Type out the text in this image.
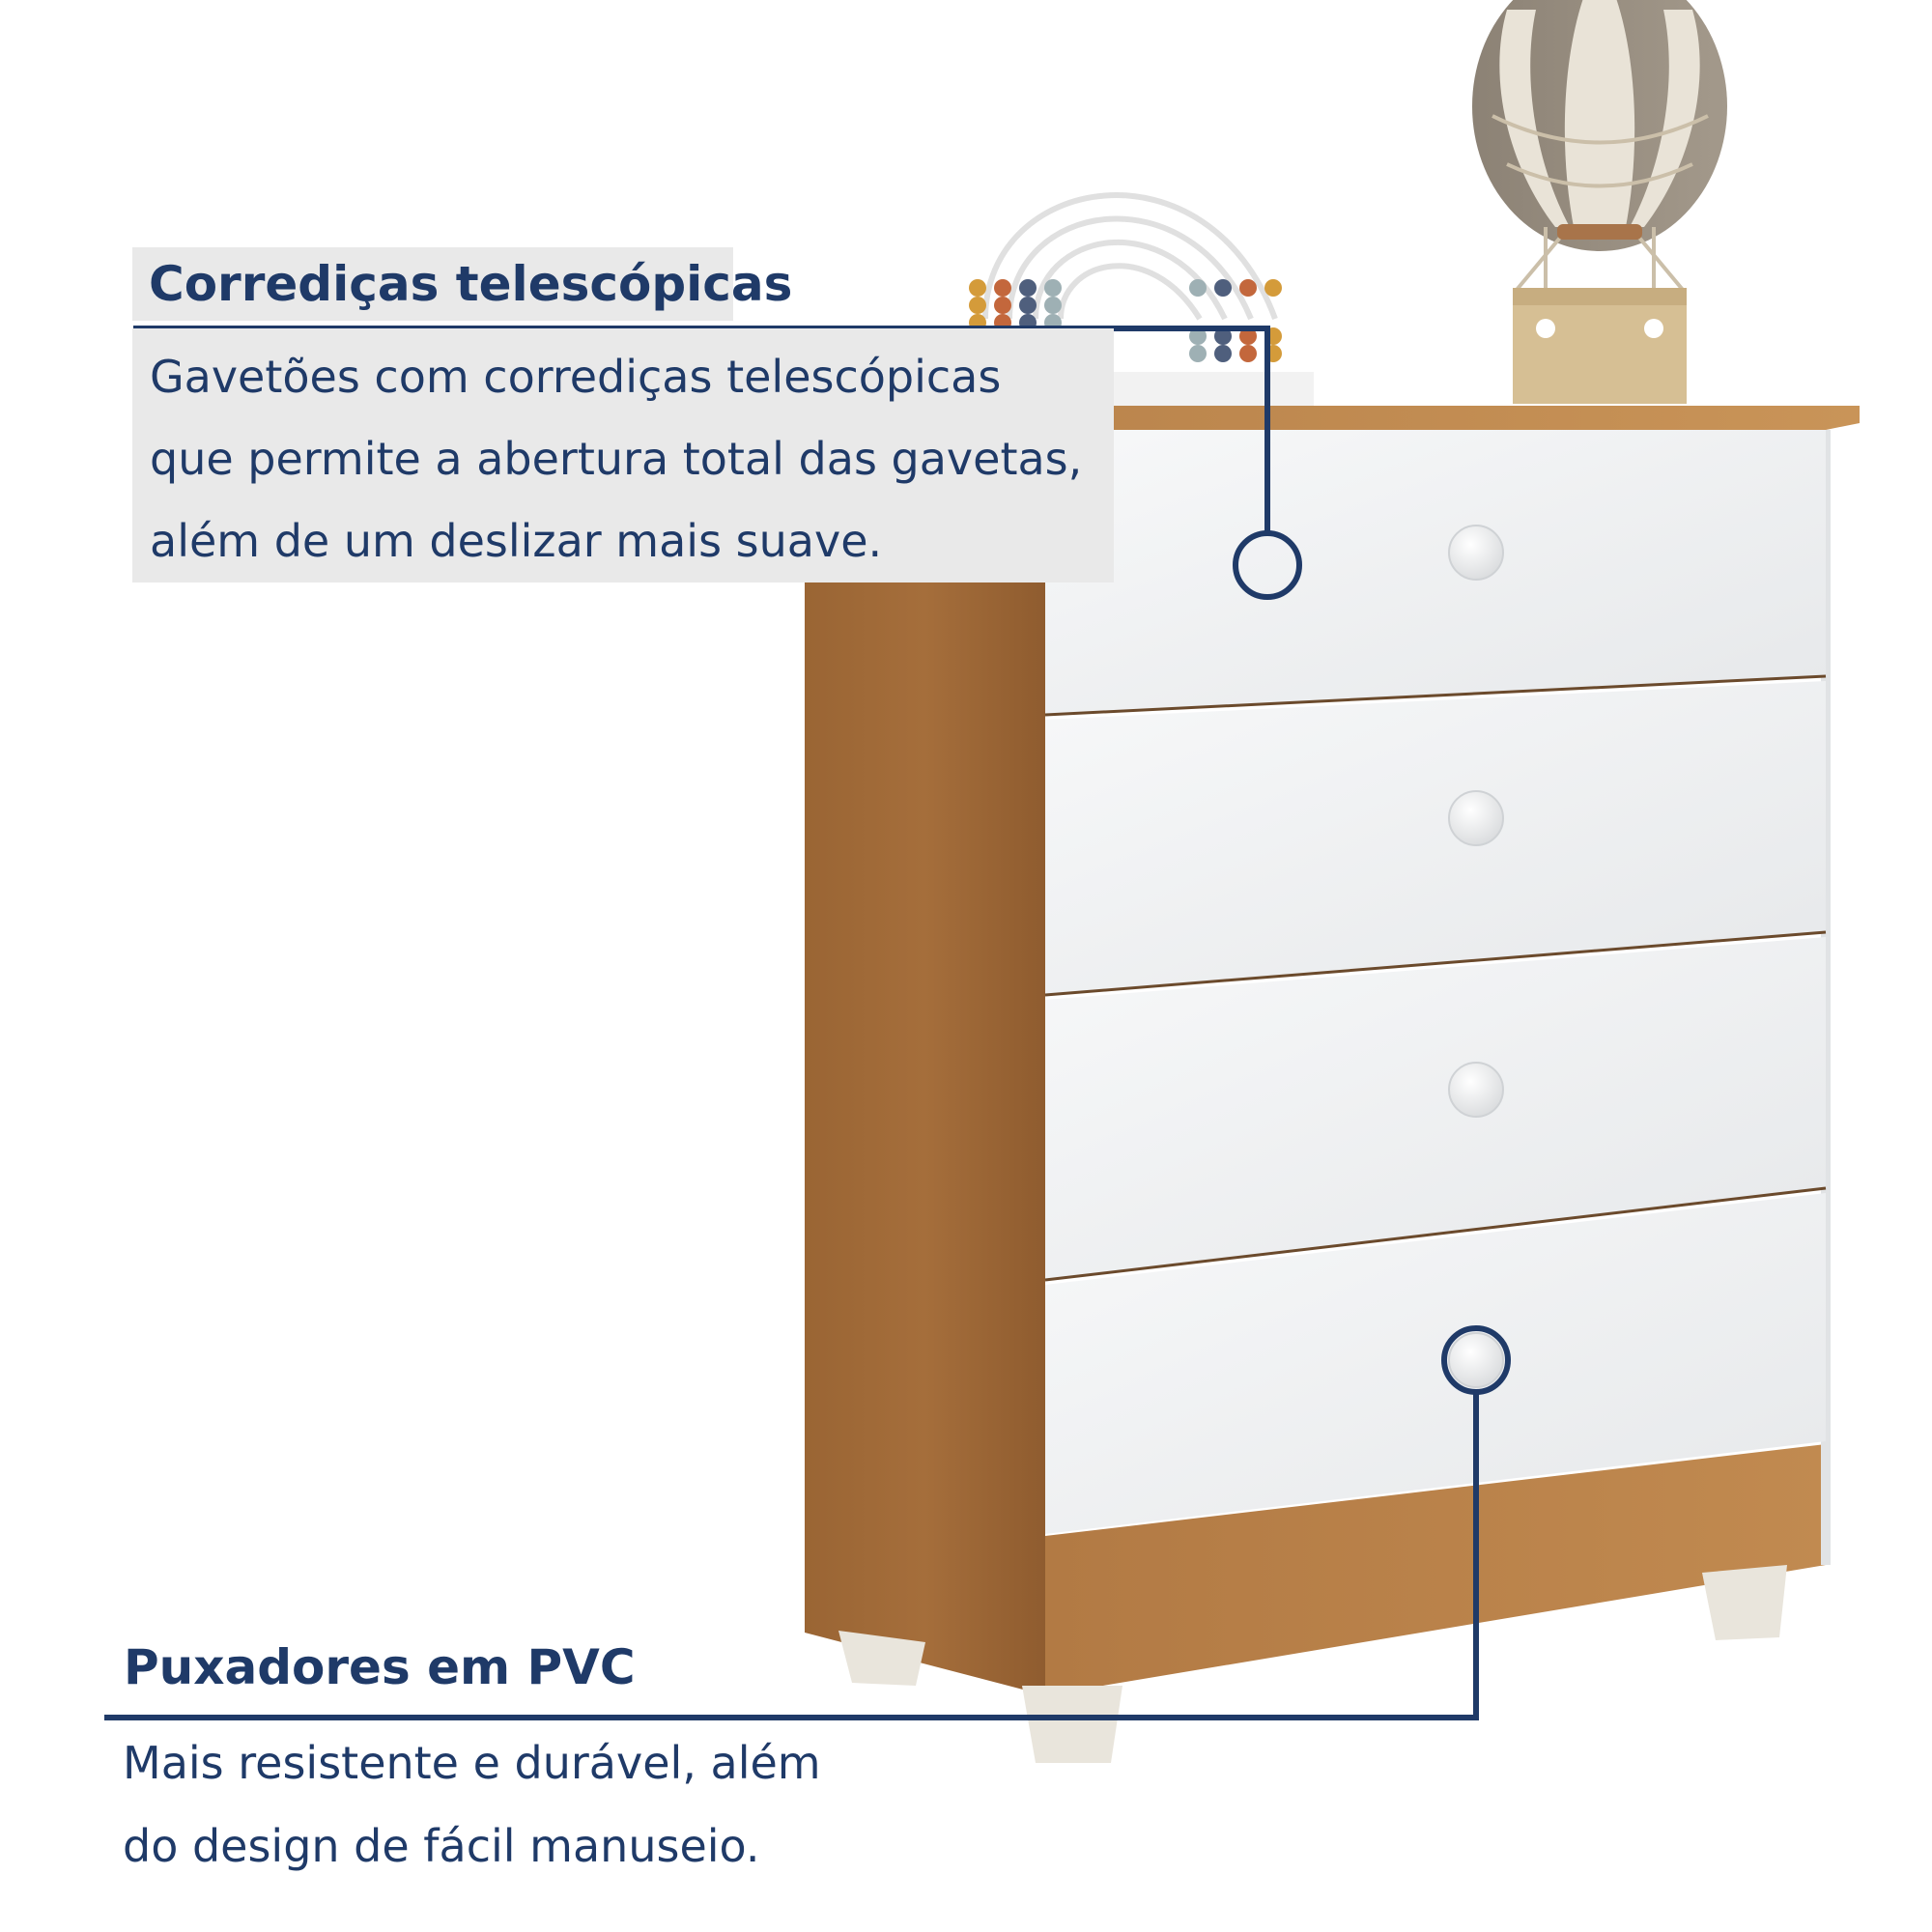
Corrediças telescópicas
Gavetões com corrediças telescópicas
que permite a abertura total das gavetas,
além de um deslizar mais suave.
Puxadores em PVC
Mais resistente e durável, além
do design de fácil manuseio.
